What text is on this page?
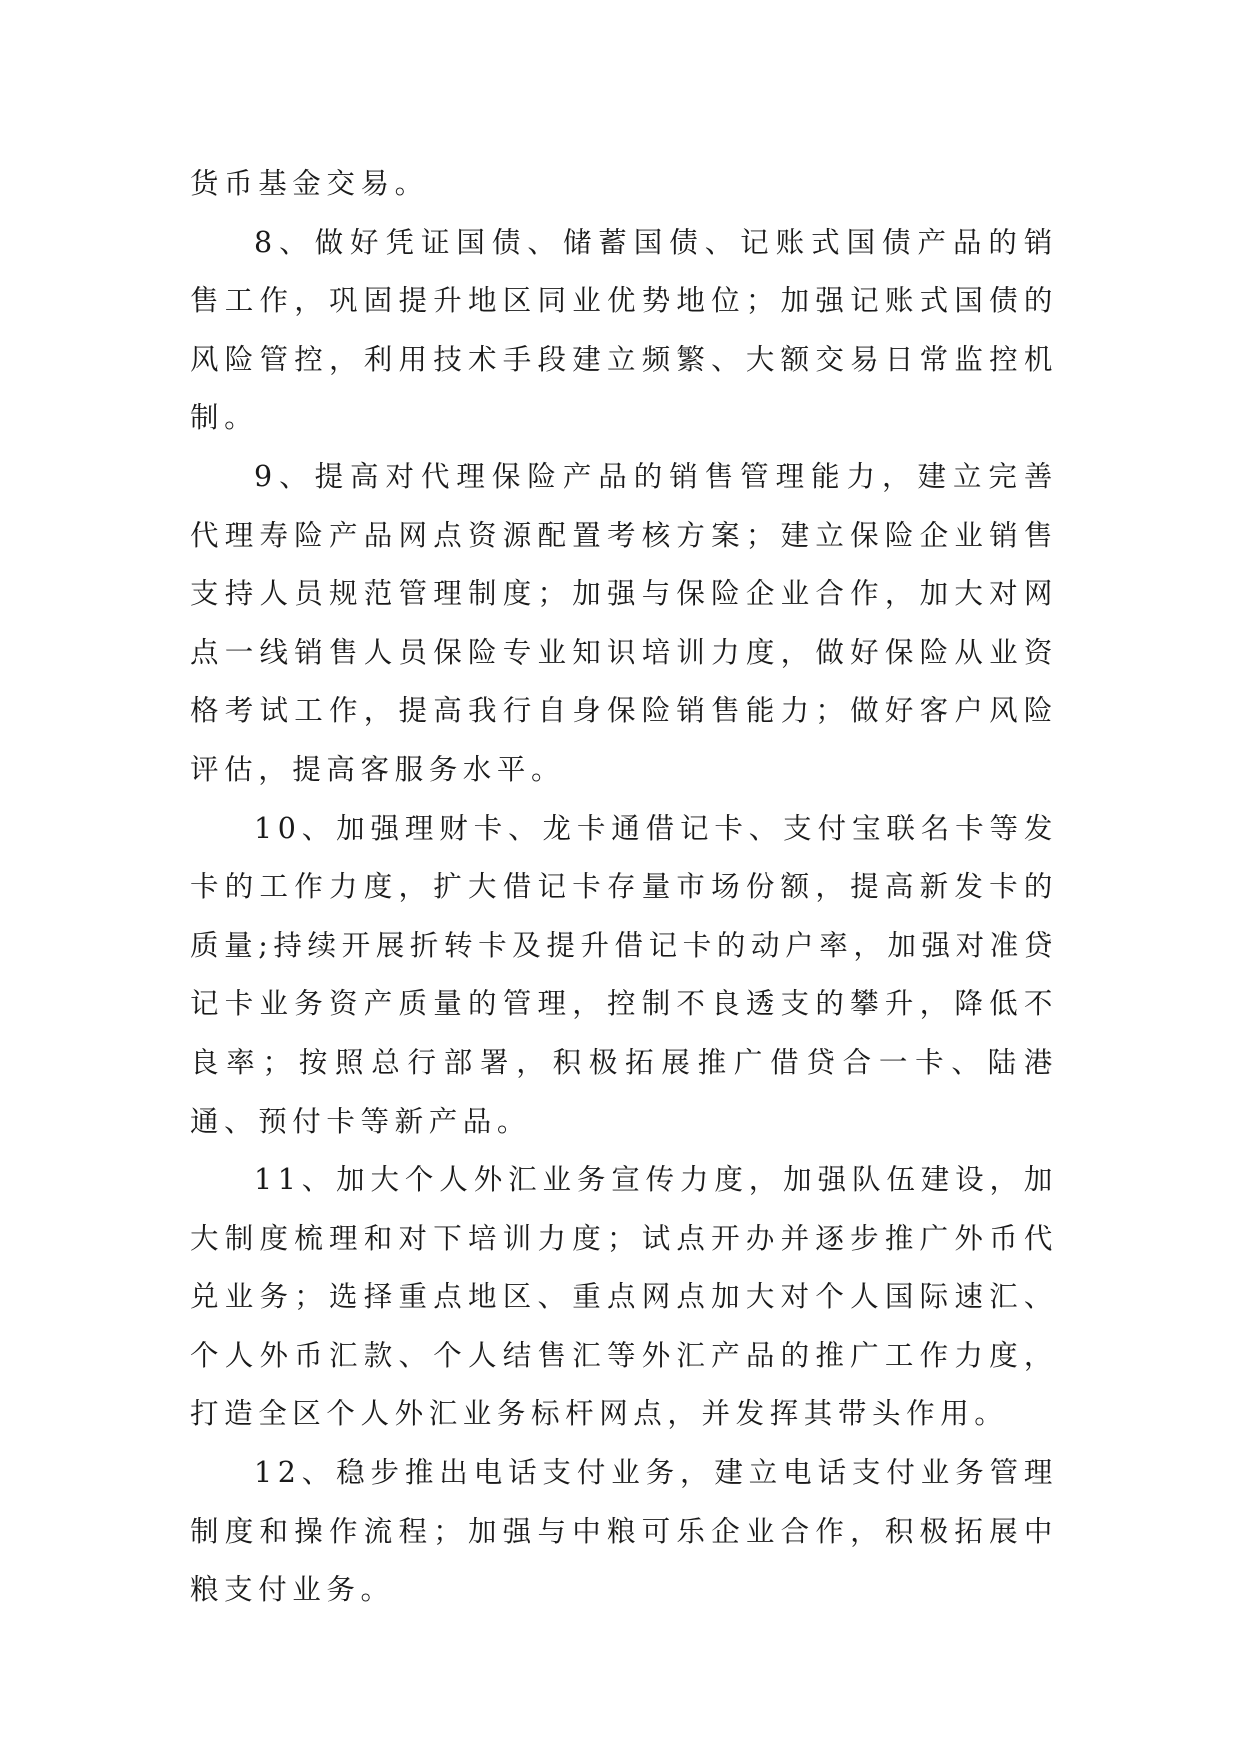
货币基金交易。

8、做好凭证国债、储蓄国债、记账式国债产品的销售工作，巩固提升地区同业优势地位；加强记账式国债的风险管控，利用技术手段建立频繁、大额交易日常监控机制。

9、提高对代理保险产品的销售管理能力，建立完善代理寿险产品网点资源配置考核方案；建立保险企业销售支持人员规范管理制度；加强与保险企业合作，加大对网点一线销售人员保险专业知识培训力度，做好保险从业资格考试工作，提高我行自身保险销售能力；做好客户风险评估，提高客服务水平。

10、加强理财卡、龙卡通借记卡、支付宝联名卡等发卡的工作力度，扩大借记卡存量市场份额，提高新发卡的质量;持续开展折转卡及提升借记卡的动户率，加强对准贷记卡业务资产质量的管理，控制不良透支的攀升，降低不良率；按照总行部署，积极拓展推广借贷合一卡、陆港通、预付卡等新产品。

11、加大个人外汇业务宣传力度，加强队伍建设，加大制度梳理和对下培训力度；试点开办并逐步推广外币代兑业务；选择重点地区、重点网点加大对个人国际速汇、个人外币汇款、个人结售汇等外汇产品的推广工作力度，打造全区个人外汇业务标杆网点，并发挥其带头作用。

12、稳步推出电话支付业务，建立电话支付业务管理制度和操作流程；加强与中粮可乐企业合作，积极拓展中粮支付业务。
